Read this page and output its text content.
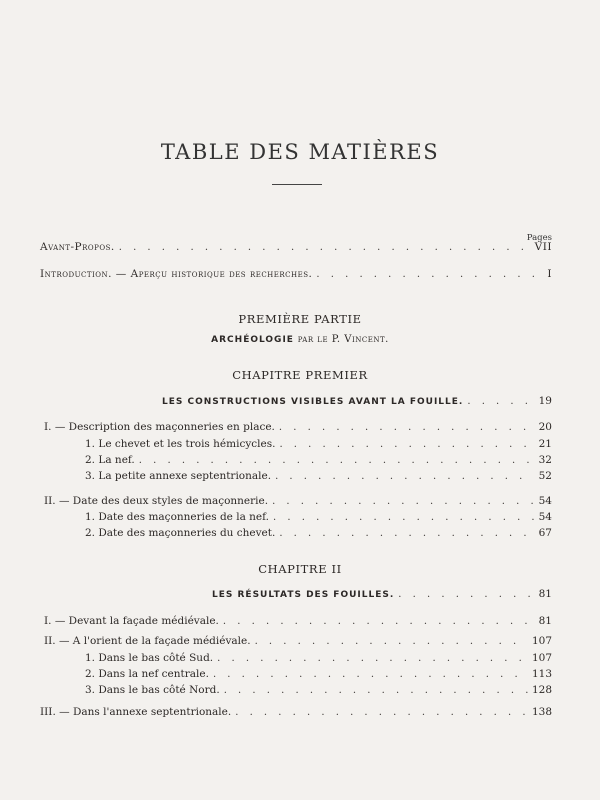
TABLE DES MATIÈRES
Pages
Avant-Propos. . . .	VII
Introduction. — Aperçu historique des recherches. . . .	I
PREMIÈRE PARTIE
ARCHÉOLOGIE par le P. Vincent.
CHAPITRE PREMIER
LES CONSTRUCTIONS VISIBLES AVANT LA FOUILLE. . . .	19
I. — Description des maçonneries en place. . . .	20
1. Le chevet et les trois hémicycles. . . .	21
2. La nef. . . .	32
3. La petite annexe septentrionale. . . .	52
II. — Date des deux styles de maçonnerie. . . .	54
1. Date des maçonneries de la nef. . . .	54
2. Date des maçonneries du chevet. . . .	67
CHAPITRE II
LES RÉSULTATS DES FOUILLES. . . .	81
I. — Devant la façade médiévale. . . .	81
II. — A l'orient de la façade médiévale. . . .	107
1. Dans le bas côté Sud. . . .	107
2. Dans la nef centrale. . . .	113
3. Dans le bas côté Nord. . . .	128
III. — Dans l'annexe septentrionale. . . .	138
